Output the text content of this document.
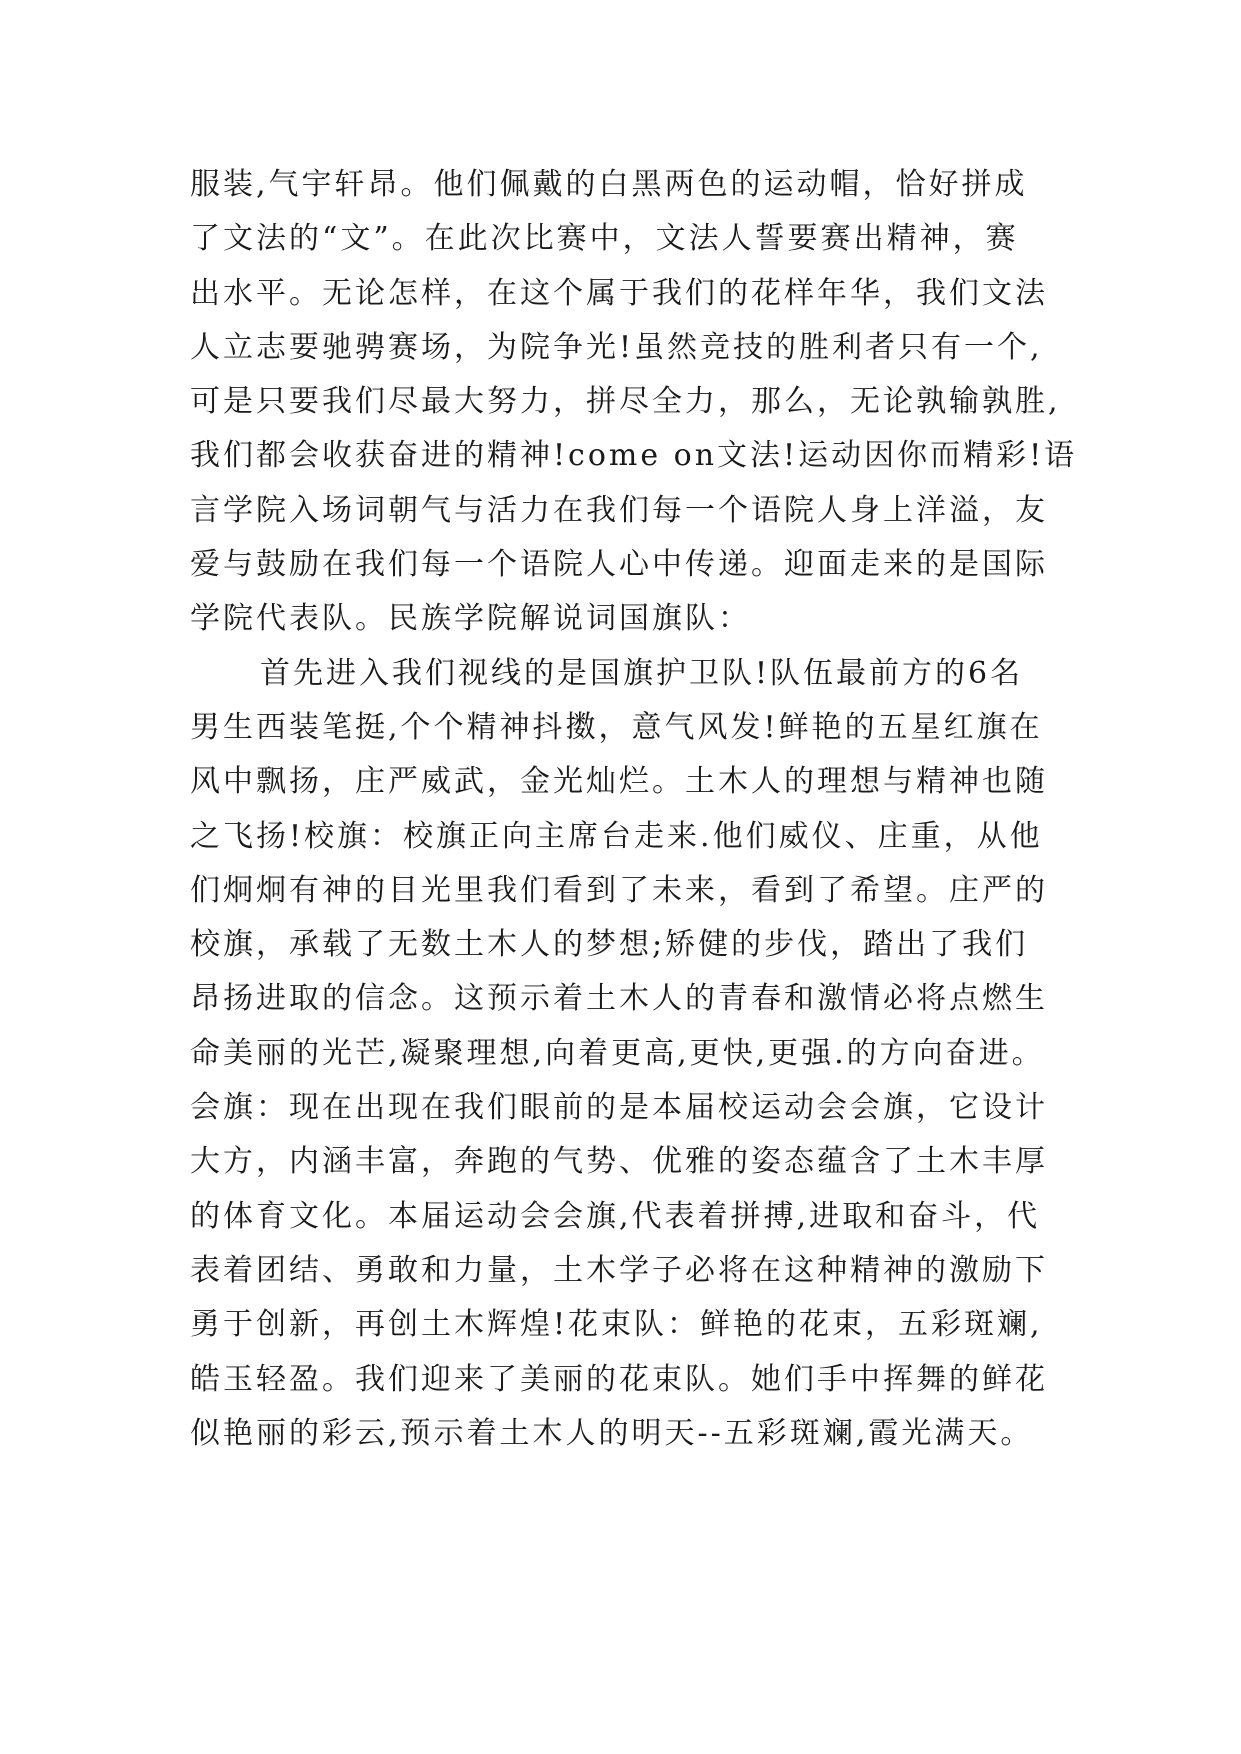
服装,气宇轩昂。他们佩戴的白黑两色的运动帽，恰好拼成
了文法的“文”。在此次比赛中，文法人誓要赛出精神，赛
出水平。无论怎样，在这个属于我们的花样年华，我们文法
人立志要驰骋赛场，为院争光!虽然竞技的胜利者只有一个,
可是只要我们尽最大努力，拼尽全力，那么，无论孰输孰胜,
我们都会收获奋进的精神!come on文法!运动因你而精彩!语
言学院入场词朝气与活力在我们每一个语院人身上洋溢，友
爱与鼓励在我们每一个语院人心中传递。迎面走来的是国际
学院代表队。民族学院解说词国旗队：
首先进入我们视线的是国旗护卫队!队伍最前方的6名
男生西装笔挺,个个精神抖擞，意气风发!鲜艳的五星红旗在
风中飘扬，庄严威武，金光灿烂。土木人的理想与精神也随
之飞扬!校旗：校旗正向主席台走来.他们威仪、庄重，从他
们炯炯有神的目光里我们看到了未来，看到了希望。庄严的
校旗，承载了无数土木人的梦想;矫健的步伐，踏出了我们
昂扬进取的信念。这预示着土木人的青春和激情必将点燃生
命美丽的光芒,凝聚理想,向着更高,更快,更强.的方向奋进。
会旗：现在出现在我们眼前的是本届校运动会会旗，它设计
大方，内涵丰富，奔跑的气势、优雅的姿态蕴含了土木丰厚
的体育文化。本届运动会会旗,代表着拼搏,进取和奋斗，代
表着团结、勇敢和力量，土木学子必将在这种精神的激励下
勇于创新，再创土木辉煌!花束队：鲜艳的花束，五彩斑斓,
皓玉轻盈。我们迎来了美丽的花束队。她们手中挥舞的鲜花
似艳丽的彩云,预示着土木人的明天--五彩斑斓,霞光满天。
